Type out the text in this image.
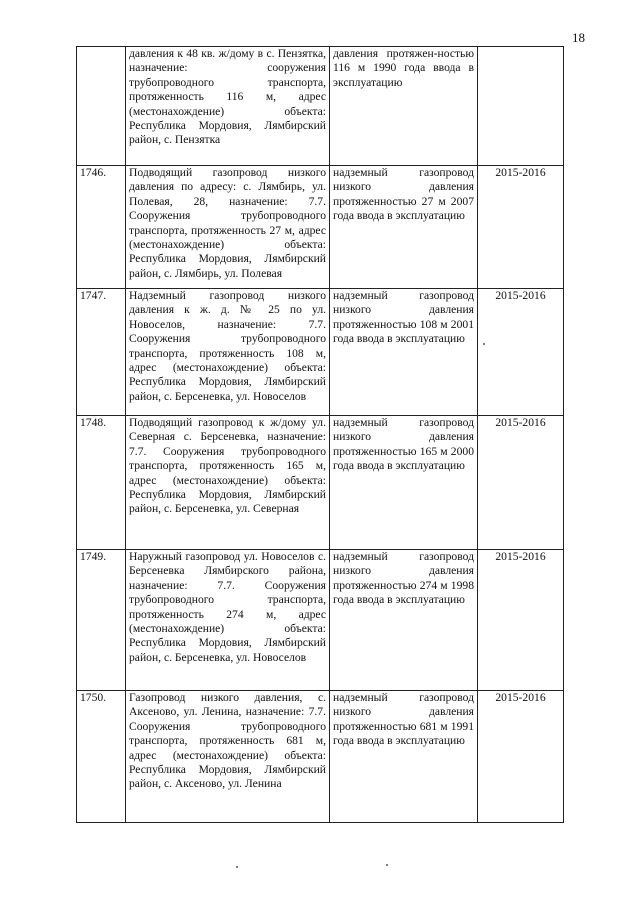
18
	давления к 48 кв. ж/дому в с. Пензятка, назначение: сооружения трубопроводного транспорта, протяженность 116 м, адрес (местонахождение) объекта: Республика Мордовия, Лямбирский район, с. Пензятка	давления протяжен-ностью 116 м 1990 года ввода в эксплуатацию	
1746.	Подводящий газопровод низкого давления по адресу: с. Лямбирь, ул. Полевая, 28, назначение: 7.7. Сооружения трубопроводного транспорта, протяженность 27 м, адрес (местонахождение) объекта: Республика Мордовия, Лямбирский район, с. Лямбирь, ул. Полевая	надземный газопровод низкого давления протяженностью 27 м 2007 года ввода в эксплуатацию	2015-2016
1747.	Надземный газопровод низкого давления к ж. д. № 25 по ул. Новоселов, назначение: 7.7. Сооружения трубопроводного транспорта, протяженность 108 м, адрес (местонахождение) объекта: Республика Мордовия, Лямбирский район, с. Берсеневка, ул. Новоселов	надземный газопровод низкого давления протяженностью 108 м 2001 года ввода в эксплуатацию	2015-2016
1748.	Подводящий газопровод к ж/дому ул. Северная с. Берсеневка, назначение: 7.7. Сооружения трубопроводного транспорта, протяженность 165 м, адрес (местонахождение) объекта: Республика Мордовия, Лямбирский район, с. Берсеневка, ул. Северная	надземный газопровод низкого давления протяженностью 165 м 2000 года ввода в эксплуатацию	2015-2016
1749.	Наружный газопровод ул. Новоселов с. Берсеневка Лямбирского района, назначение: 7.7. Сооружения трубопроводного транспорта, протяженность 274 м, адрес (местонахождение) объекта: Республика Мордовия, Лямбирский район, с. Берсеневка, ул. Новоселов	надземный газопровод низкого давления протяженностью 274 м 1998 года ввода в эксплуатацию	2015-2016
1750.	Газопровод низкого давления, с. Аксеново, ул. Ленина, назначение: 7.7. Сооружения трубопроводного транспорта, протяженность 681 м, адрес (местонахождение) объекта: Республика Мордовия, Лямбирский район, с. Аксеново, ул. Ленина	надземный газопровод низкого давления протяженностью 681 м 1991 года ввода в эксплуатацию	2015-2016
